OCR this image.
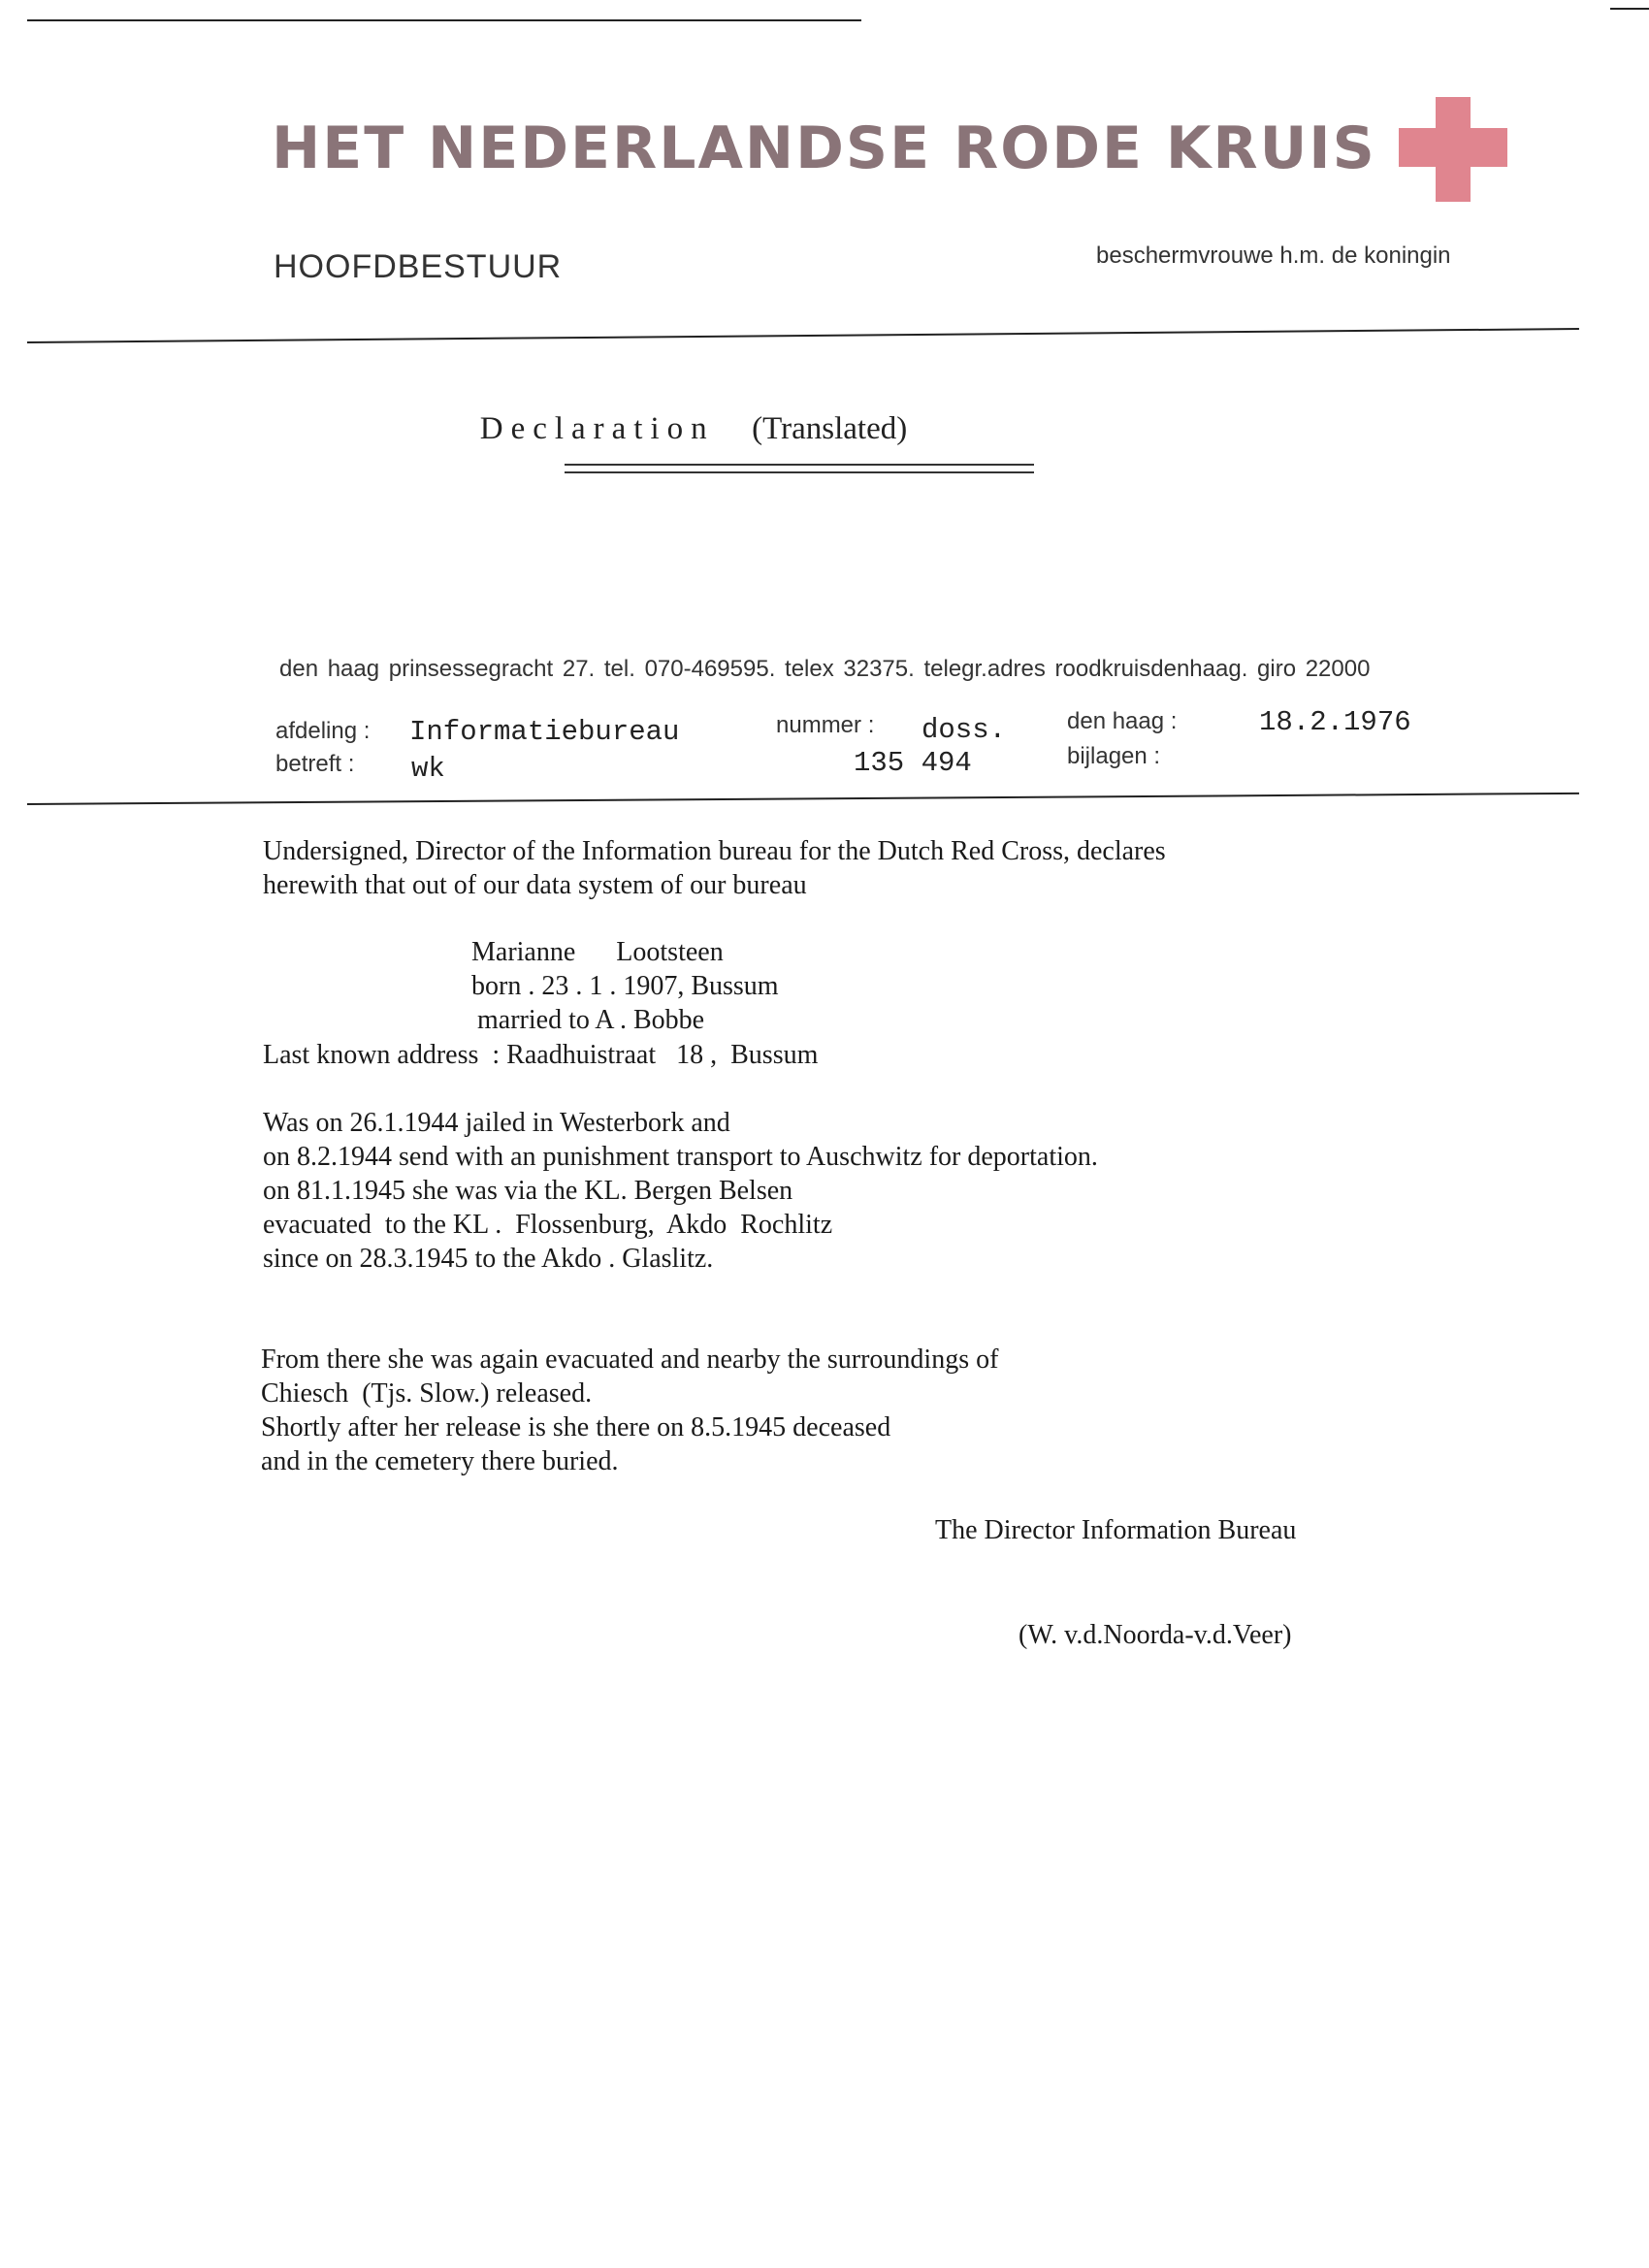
HET NEDERLANDSE RODE KRUIS
HOOFDBESTUUR	beschermvrouwe h.m. de koningin
Declaration (Translated)
den haag prinsessegracht 27. tel. 070-469595. telex 32375. telegr.adres roodkruisdenhaag. giro 22000
afdeling : Informatiebureau
betreft : wk
nummer : doss.
135 494
den haag :	18.2.1976
bijlagen :
Undersigned, Director of the Information bureau for the Dutch Red Cross, declares
herewith that out of our data system of our bureau
Marianne      Lootsteen
born . 23 . 1 . 1907, Bussum
married to A . Bobbe
Last known address  : Raadhuistraat   18 ,  Bussum
Was on 26.1.1944 jailed in Westerbork and
on 8.2.1944 send with an punishment transport to Auschwitz for deportation.
on 81.1.1945 she was via the KL. Bergen Belsen
evacuated  to the KL .  Flossenburg,  Akdo  Rochlitz
since on 28.3.1945 to the Akdo . Glaslitz.
From there she was again evacuated and nearby the surroundings of
Chiesch  (Tjs. Slow.) released.
Shortly after her release is she there on 8.5.1945 deceased
and in the cemetery there buried.
The Director Information Bureau
(W. v.d.Noorda-v.d.Veer)
